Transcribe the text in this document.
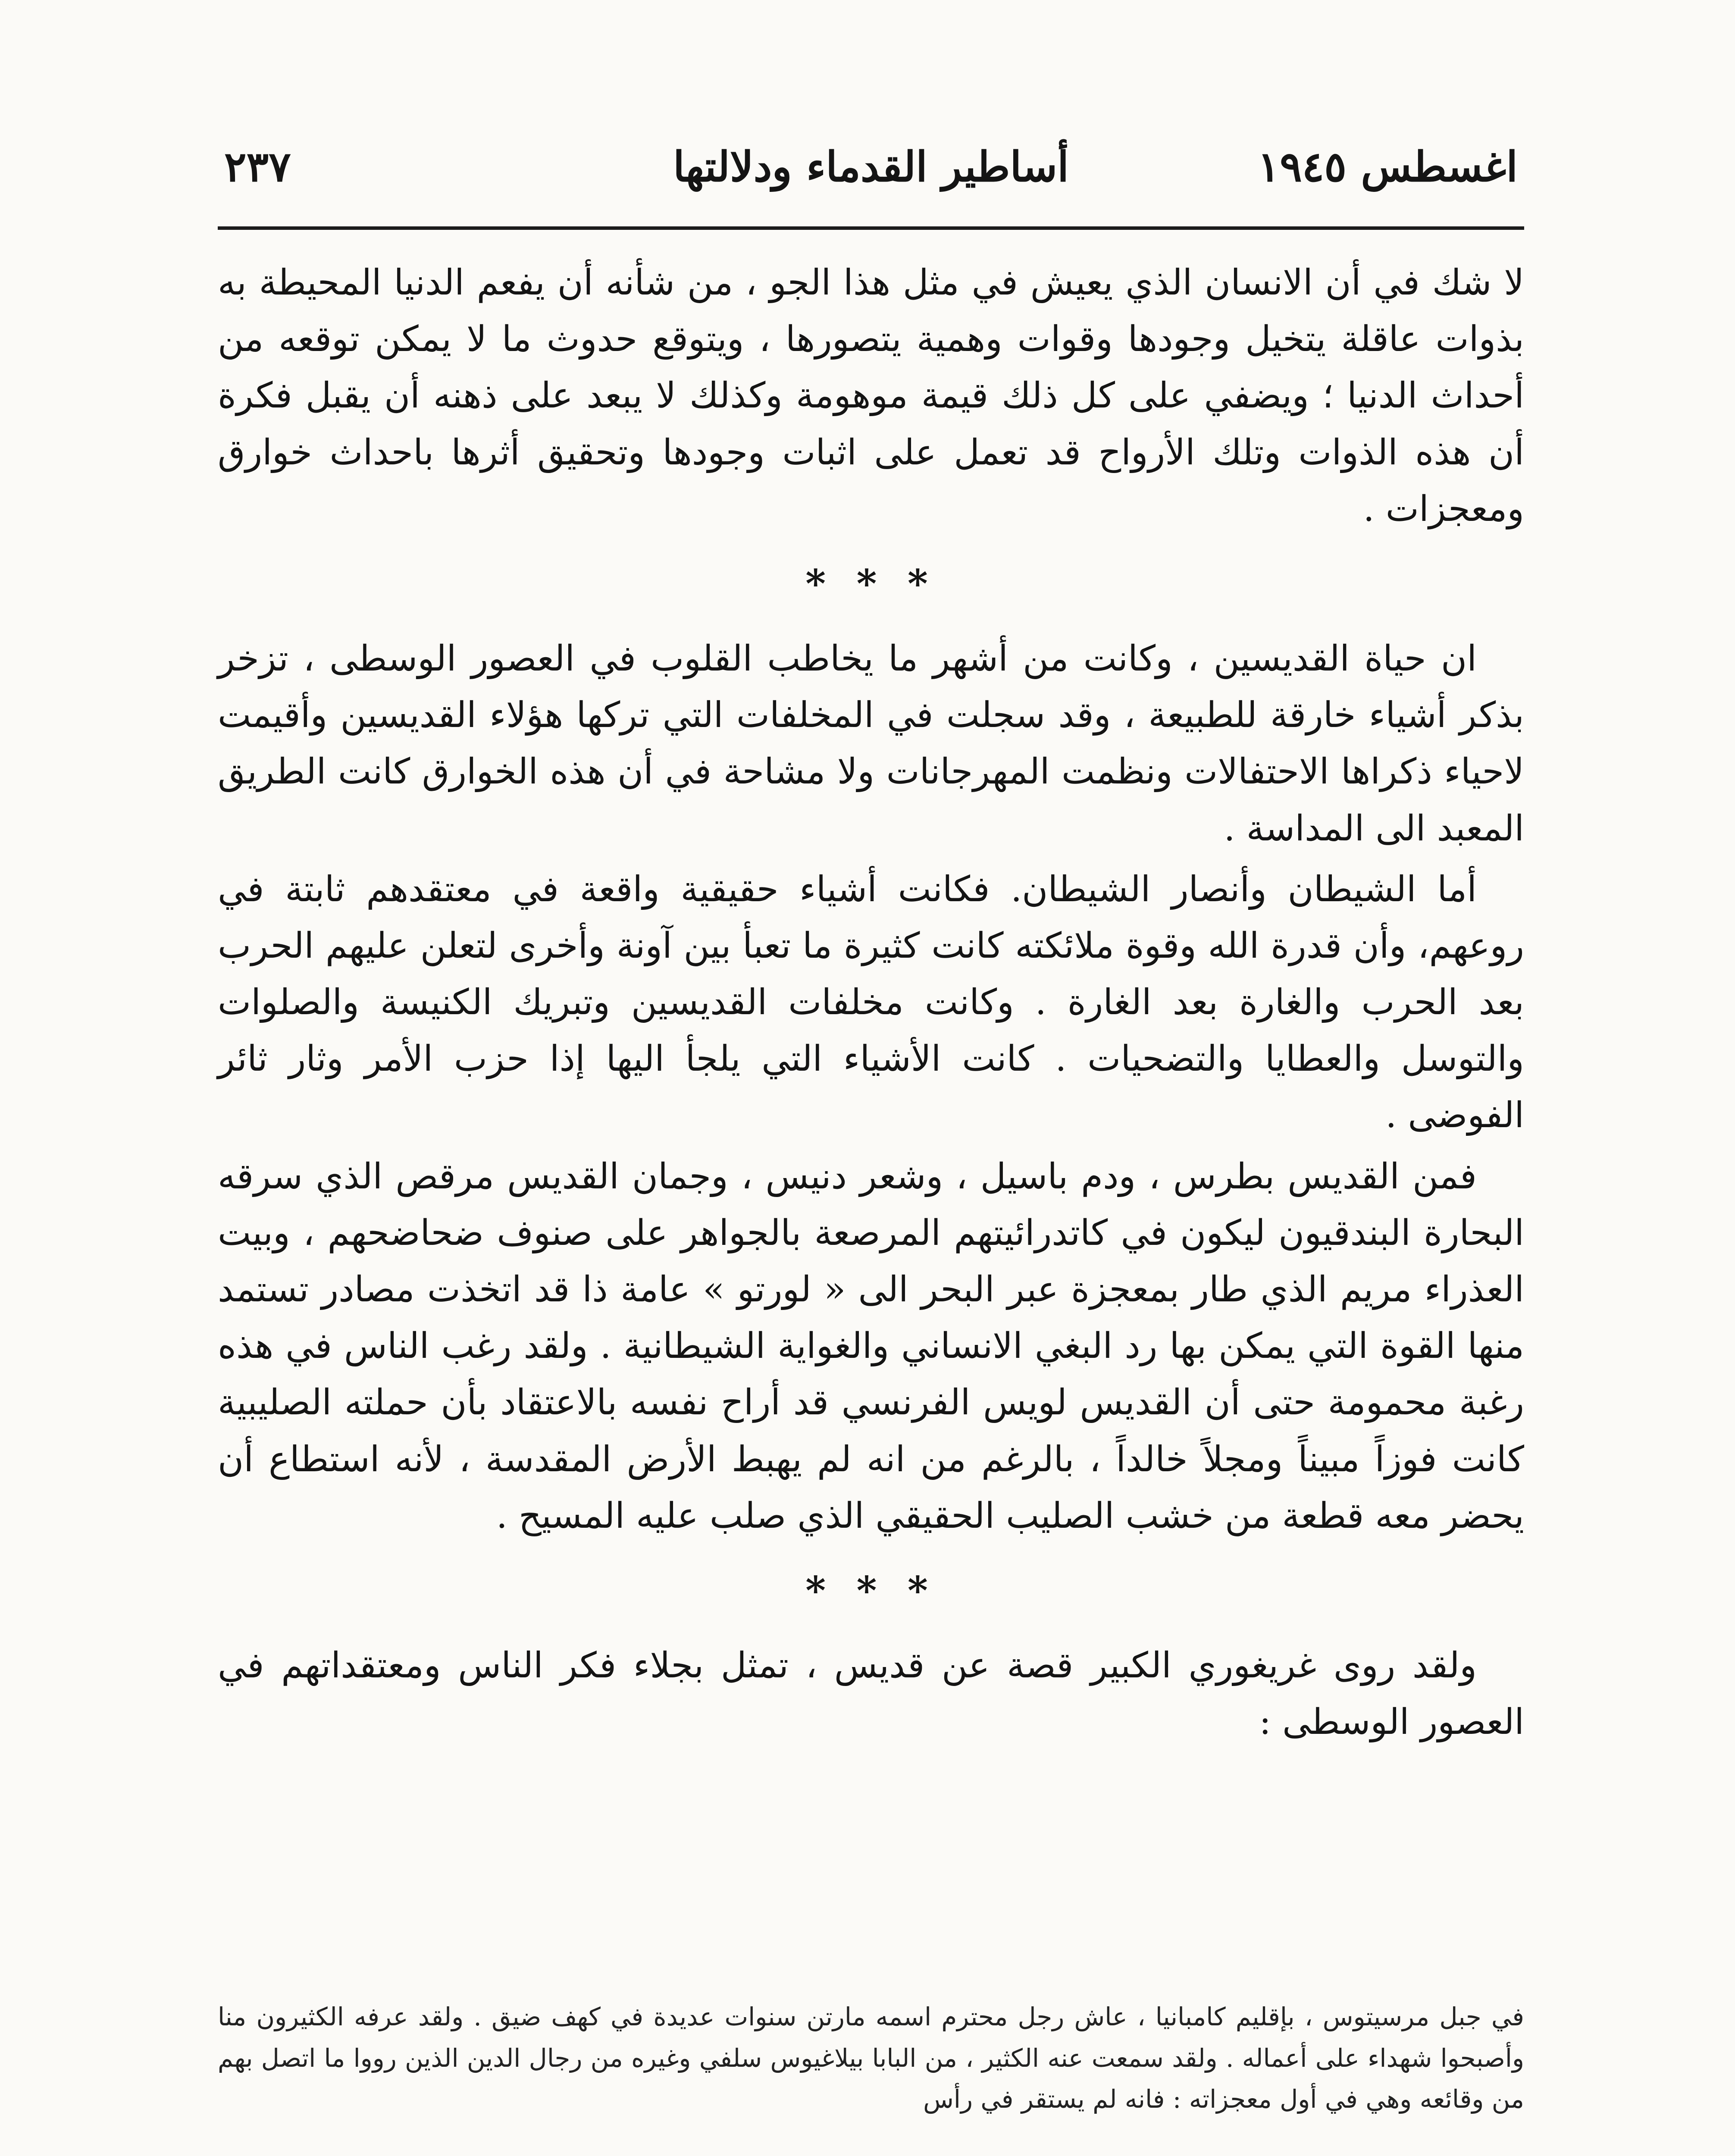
٢٣٧	أساطير القدماء ودلالتها	اغسطس ١٩٤٥

لا شك في أن الانسان الذي يعيش في مثل هذا الجو ، من شأنه أن يفعم الدنيا المحيطة به بذوات عاقلة يتخيل وجودها وقوات وهمية يتصورها ، ويتوقع حدوث ما لا يمكن توقعه من أحداث الدنيا ؛ ويضفي على كل ذلك قيمة موهومة وكذلك لا يبعد على ذهنه أن يقبل فكرة أن هذه الذوات وتلك الأرواح قد تعمل على اثبات وجودها وتحقيق أثرها باحداث خوارق ومعجزات .

* * *

ان حياة القديسين ، وكانت من أشهر ما يخاطب القلوب في العصور الوسطى ، تزخر بذكر أشياء خارقة للطبيعة ، وقد سجلت في المخلفات التي تركها هؤلاء القديسين وأقيمت لاحياء ذكراها الاحتفالات ونظمت المهرجانات ولا مشاحة في أن هذه الخوارق كانت الطريق المعبد الى المداسة .

أما الشيطان وأنصار الشيطان. فكانت أشياء حقيقية واقعة في معتقدهم ثابتة في روعهم، وأن قدرة الله وقوة ملائكته كانت كثيرة ما تعبأ بين آونة وأخرى لتعلن عليهم الحرب بعد الحرب والغارة بعد الغارة . وكانت مخلفات القديسين وتبريك الكنيسة والصلوات والتوسل والعطايا والتضحيات . كانت الأشياء التي يلجأ اليها إذا حزب الأمر وثار ثائر الفوضى .

فمن القديس بطرس ، ودم باسيل ، وشعر دنيس ، وجمان القديس مرقص الذي سرقه البحارة البندقيون ليكون في كاتدرائيتهم المرصعة بالجواهر على صنوف ضحاضحهم ، وبيت العذراء مريم الذي طار بمعجزة عبر البحر الى « لورتو » عامة ذا قد اتخذت مصادر تستمد منها القوة التي يمكن بها رد البغي الانساني والغواية الشيطانية . ولقد رغب الناس في هذه رغبة محمومة حتى أن القديس لويس الفرنسي قد أراح نفسه بالاعتقاد بأن حملته الصليبية كانت فوزاً مبيناً ومجلاً خالداً ، بالرغم من انه لم يهبط الأرض المقدسة ، لأنه استطاع أن يحضر معه قطعة من خشب الصليب الحقيقي الذي صلب عليه المسيح .

* * *

ولقد روى غريغوري الكبير قصة عن قديس ، تمثل بجلاء فكر الناس ومعتقداتهم في العصور الوسطى :

في جبل مرسيتوس ، بإقليم كامبانيا ، عاش رجل محترم اسمه مارتن سنوات عديدة في كهف ضيق . ولقد عرفه الكثيرون منا وأصبحوا شهداء على أعماله . ولقد سمعت عنه الكثير ، من البابا بيلاغيوس سلفي وغيره من رجال الدين الذين رووا ما اتصل بهم من وقائعه وهي في أول معجزاته : فانه لم يستقر في رأس
